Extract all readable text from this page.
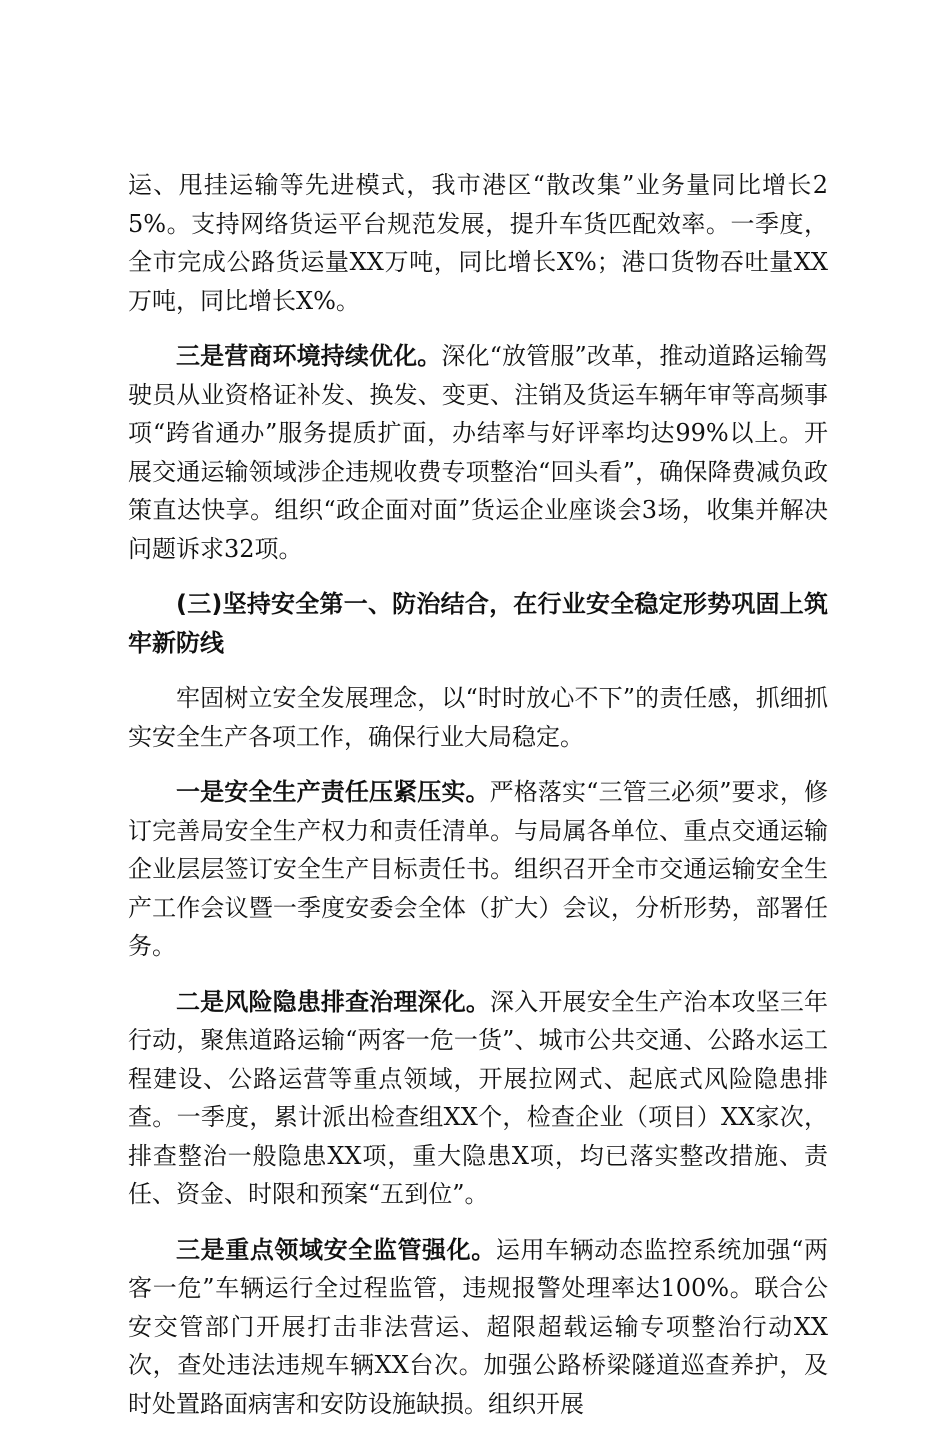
运、甩挂运输等先进模式，我市港区“散改集”业务量同比增长25%。支持网络货运平台规范发展，提升车货匹配效率。一季度，全市完成公路货运量XX万吨，同比增长X%；港口货物吞吐量XX万吨，同比增长X%。

三是营商环境持续优化。深化“放管服”改革，推动道路运输驾驶员从业资格证补发、换发、变更、注销及货运车辆年审等高频事项“跨省通办”服务提质扩面，办结率与好评率均达99%以上。开展交通运输领域涉企违规收费专项整治“回头看”，确保降费减负政策直达快享。组织“政企面对面”货运企业座谈会3场，收集并解决问题诉求32项。

(三)坚持安全第一、防治结合，在行业安全稳定形势巩固上筑牢新防线

牢固树立安全发展理念，以“时时放心不下”的责任感，抓细抓实安全生产各项工作，确保行业大局稳定。

一是安全生产责任压紧压实。严格落实“三管三必须”要求，修订完善局安全生产权力和责任清单。与局属各单位、重点交通运输企业层层签订安全生产目标责任书。组织召开全市交通运输安全生产工作会议暨一季度安委会全体（扩大）会议，分析形势，部署任务。

二是风险隐患排查治理深化。深入开展安全生产治本攻坚三年行动，聚焦道路运输“两客一危一货”、城市公共交通、公路水运工程建设、公路运营等重点领域，开展拉网式、起底式风险隐患排查。一季度，累计派出检查组XX个，检查企业（项目）XX家次，排查整治一般隐患XX项，重大隐患X项，均已落实整改措施、责任、资金、时限和预案“五到位”。

三是重点领域安全监管强化。运用车辆动态监控系统加强“两客一危”车辆运行全过程监管，违规报警处理率达100%。联合公安交管部门开展打击非法营运、超限超载运输专项整治行动XX次，查处违法违规车辆XX台次。加强公路桥梁隧道巡查养护，及时处置路面病害和安防设施缺损。组织开展
